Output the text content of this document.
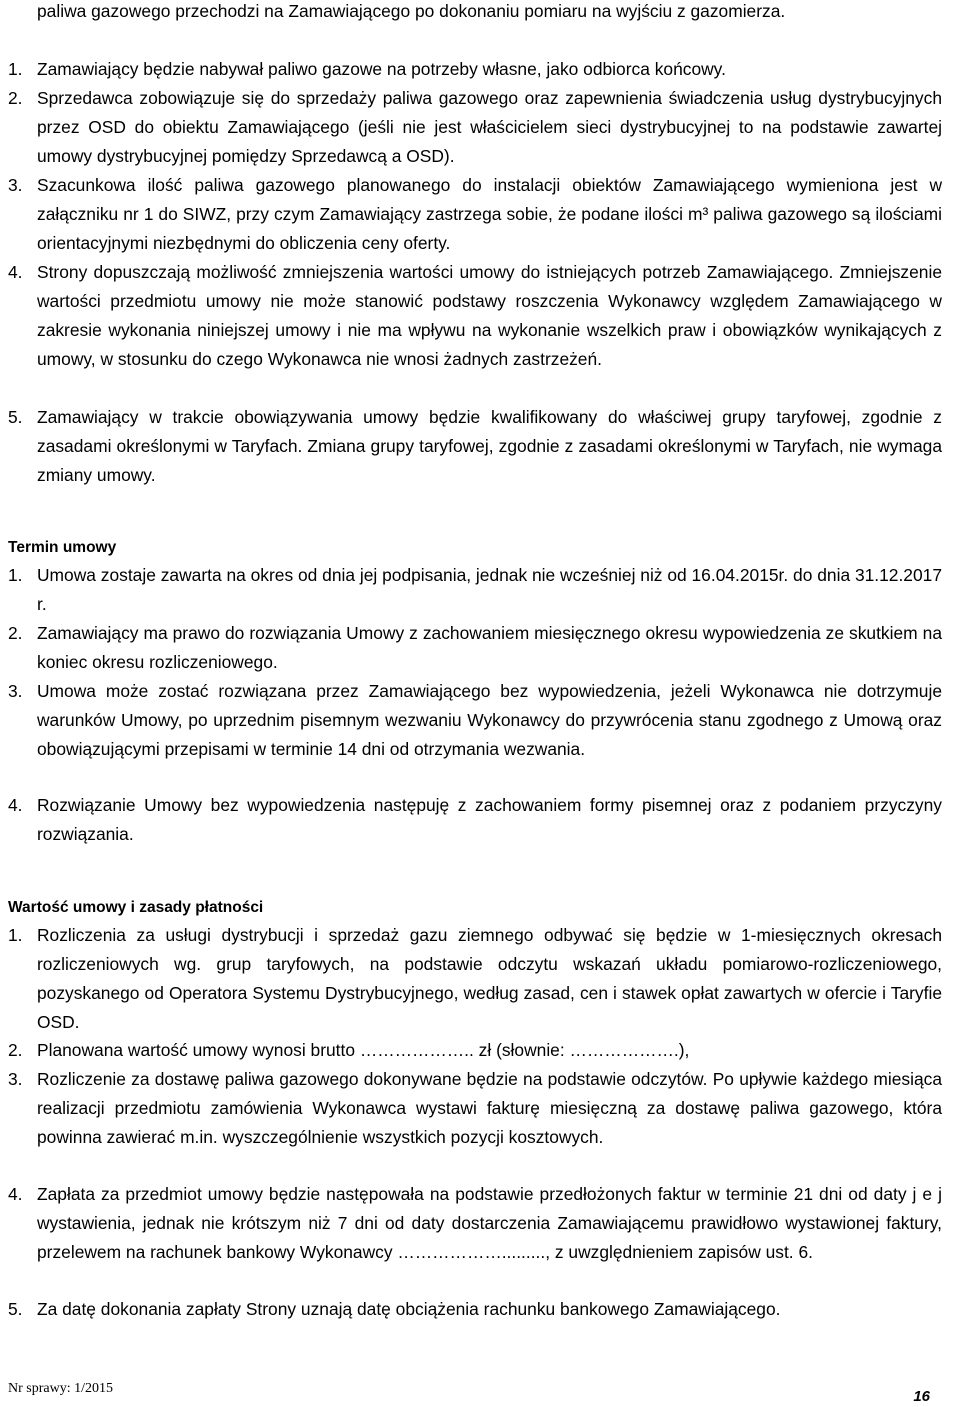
paliwa gazowego przechodzi na Zamawiającego po dokonaniu pomiaru na wyjściu z gazomierza.
1. Zamawiający będzie nabywał paliwo gazowe na potrzeby własne, jako odbiorca końcowy.
2. Sprzedawca zobowiązuje się do sprzedaży paliwa gazowego oraz zapewnienia świadczenia usług dystrybucyjnych przez OSD do obiektu Zamawiającego (jeśli nie jest właścicielem sieci dystrybucyjnej to na podstawie zawartej umowy dystrybucyjnej pomiędzy Sprzedawcą a OSD).
3. Szacunkowa ilość paliwa gazowego planowanego do instalacji obiektów Zamawiającego wymieniona jest w załączniku nr 1 do SIWZ, przy czym Zamawiający zastrzega sobie, że podane ilości m³ paliwa gazowego są ilościami orientacyjnymi niezbędnymi do obliczenia ceny oferty.
4. Strony dopuszczają możliwość zmniejszenia wartości umowy do istniejących potrzeb Zamawiającego. Zmniejszenie wartości przedmiotu umowy nie może stanowić podstawy roszczenia Wykonawcy względem Zamawiającego w zakresie wykonania niniejszej umowy i nie ma wpływu na wykonanie wszelkich praw i obowiązków wynikających z umowy, w stosunku do czego Wykonawca nie wnosi żadnych zastrzeżeń.
5. Zamawiający w trakcie obowiązywania umowy będzie kwalifikowany do właściwej grupy taryfowej, zgodnie z zasadami określonymi w Taryfach. Zmiana grupy taryfowej, zgodnie z zasadami określonymi w Taryfach, nie wymaga zmiany umowy.
Termin umowy
1. Umowa zostaje zawarta na okres od dnia jej podpisania, jednak nie wcześniej niż od 16.04.2015r. do dnia 31.12.2017 r.
2. Zamawiający ma prawo do rozwiązania Umowy z zachowaniem miesięcznego okresu wypowiedzenia ze skutkiem na koniec okresu rozliczeniowego.
3. Umowa może zostać rozwiązana przez Zamawiającego bez wypowiedzenia, jeżeli Wykonawca nie dotrzymuje warunków Umowy, po uprzednim pisemnym wezwaniu Wykonawcy do przywrócenia stanu zgodnego z Umową oraz obowiązującymi przepisami w terminie 14 dni od otrzymania wezwania.
4. Rozwiązanie Umowy bez wypowiedzenia następuję z zachowaniem formy pisemnej oraz z podaniem przyczyny rozwiązania.
Wartość umowy i zasady płatności
1. Rozliczenia za usługi dystrybucji i sprzedaż gazu ziemnego odbywać się będzie w 1-miesięcznych okresach rozliczeniowych wg. grup taryfowych, na podstawie odczytu wskazań układu pomiarowo-rozliczeniowego, pozyskanego od Operatora Systemu Dystrybucyjnego, według zasad, cen i stawek opłat zawartych w ofercie i Taryfie OSD.
2. Planowana wartość umowy wynosi brutto ……………….. zł (słownie: ……………….),
3. Rozliczenie za dostawę paliwa gazowego dokonywane będzie na podstawie odczytów. Po upływie każdego miesiąca realizacji przedmiotu zamówienia Wykonawca wystawi fakturę miesięczną za dostawę paliwa gazowego, która powinna zawierać m.in. wyszczególnienie wszystkich pozycji kosztowych.
4. Zapłata za przedmiot umowy będzie następowała na podstawie przedłożonych faktur w terminie 21 dni od daty j e j wystawienia, jednak nie krótszym niż 7 dni od daty dostarczenia Zamawiającemu prawidłowo wystawionej faktury, przelewem na rachunek bankowy Wykonawcy ………………........., z uwzględnieniem zapisów ust. 6.
5. Za datę dokonania zapłaty Strony uznają datę obciążenia rachunku bankowego Zamawiającego.
Nr sprawy: 1/2015	16
